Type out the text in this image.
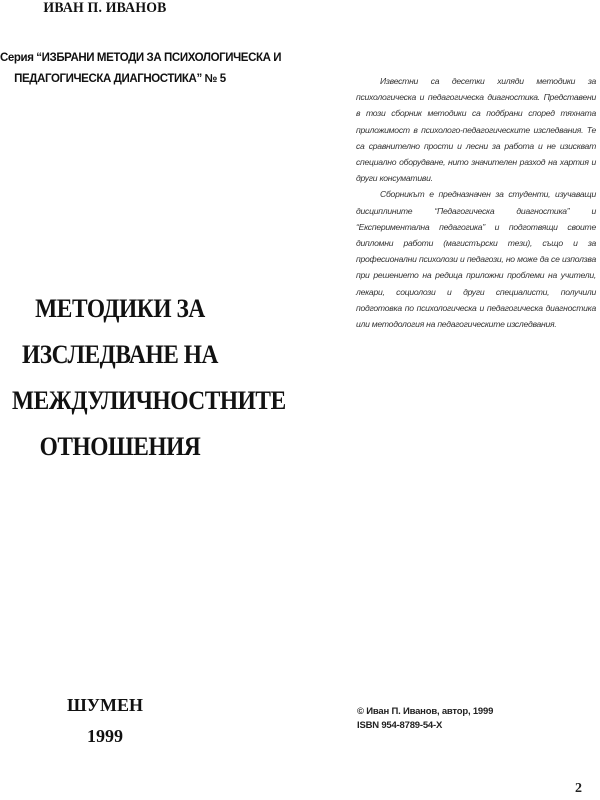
ИВАН П. ИВАНОВ
Серия “ИЗБРАНИ МЕТОДИ ЗА ПСИХОЛОГИЧЕСКА И
ПЕДАГОГИЧЕСКА ДИАГНОСТИКА” № 5
МЕТОДИКИ ЗА
ИЗСЛЕДВАНЕ НА
МЕЖДУЛИЧНОСТНИТЕ
ОТНОШЕНИЯ
ШУМЕН
1999

Известни са десетки хиляди методики за психологическа и педагогическа диагностика. Представени в този сборник методики са подбрани според тяхната приложимост в психолого-педагогическите изследвания. Те са сравнително прости и лесни за работа и не изискват специално оборудване, нито значителен разход на хартия и други консумативи.

Сборникът е предназначен за студенти, изучаващи дисциплините “Педагогическа диагностика” и “Експериментална педагогика” и подготвящи своите дипломни работи (магистърски тези), също и за професионални психолози и педагози, но може да се използва при решението на редица приложни проблеми на учители, лекари, социолози и други специалисти, получили подготовка по психологическа и педагогическа диагностика или методология на педагогическите изследвания.

© Иван П. Иванов, автор, 1999
ISBN 954-8789-54-X
2
